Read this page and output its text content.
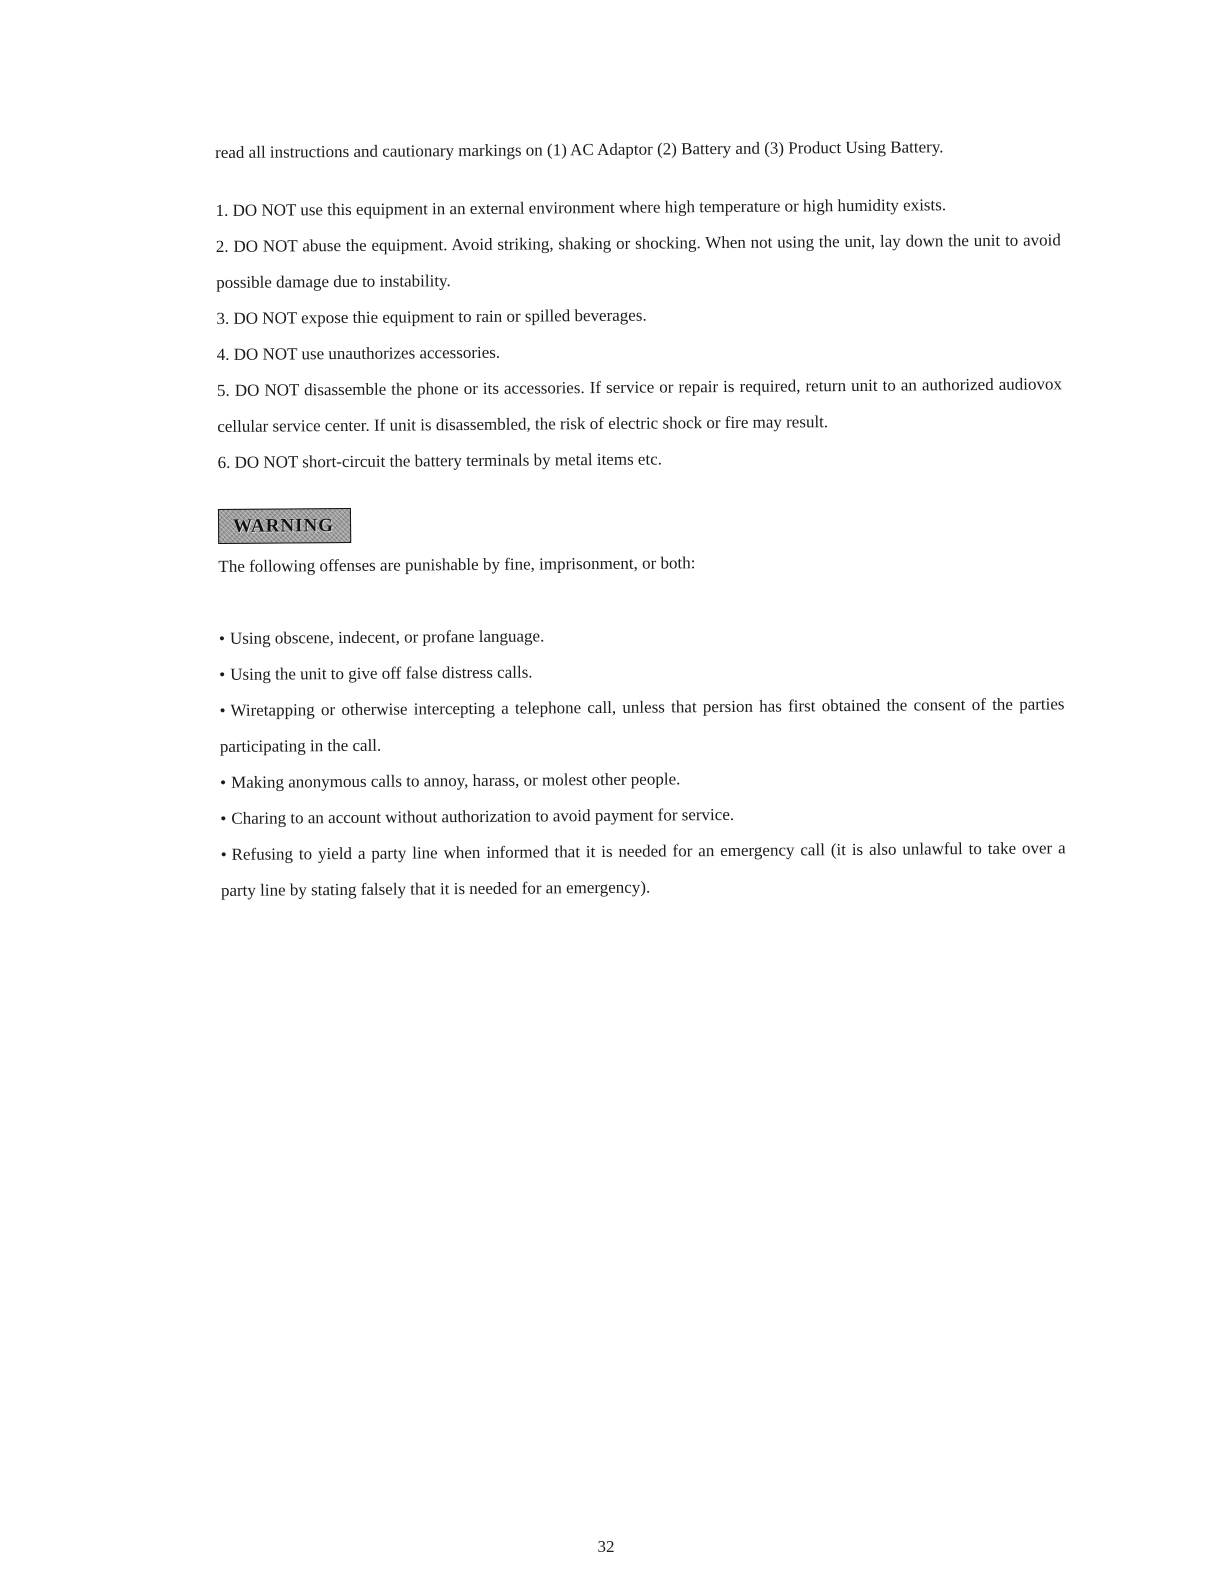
read all instructions and cautionary markings on (1) AC Adaptor (2) Battery and (3) Product Using Battery.

1. DO NOT use this equipment in an external environment where high temperature or high humidity exists.
2. DO NOT abuse the equipment. Avoid striking, shaking or shocking. When not using the unit, lay down the unit to avoid possible damage due to instability.
3. DO NOT expose thie equipment to rain or spilled beverages.
4. DO NOT use unauthorizes accessories.
5. DO NOT disassemble the phone or its accessories. If service or repair is required, return unit to an authorized audiovox cellular service center. If unit is disassembled, the risk of electric shock or fire may result.
6. DO NOT short-circuit the battery terminals by metal items etc.
WARNING

The following offenses are punishable by fine, imprisonment, or both:

• Using obscene, indecent, or profane language.
• Using the unit to give off false distress calls.
• Wiretapping or otherwise intercepting a telephone call, unless that persion has first obtained the consent of the parties participating in the call.
• Making anonymous calls to annoy, harass, or molest other people.
• Charing to an account without authorization to avoid payment for service.
• Refusing to yield a party line when informed that it is needed for an emergency call (it is also unlawful to take over a party line by stating falsely that it is needed for an emergency).
32
